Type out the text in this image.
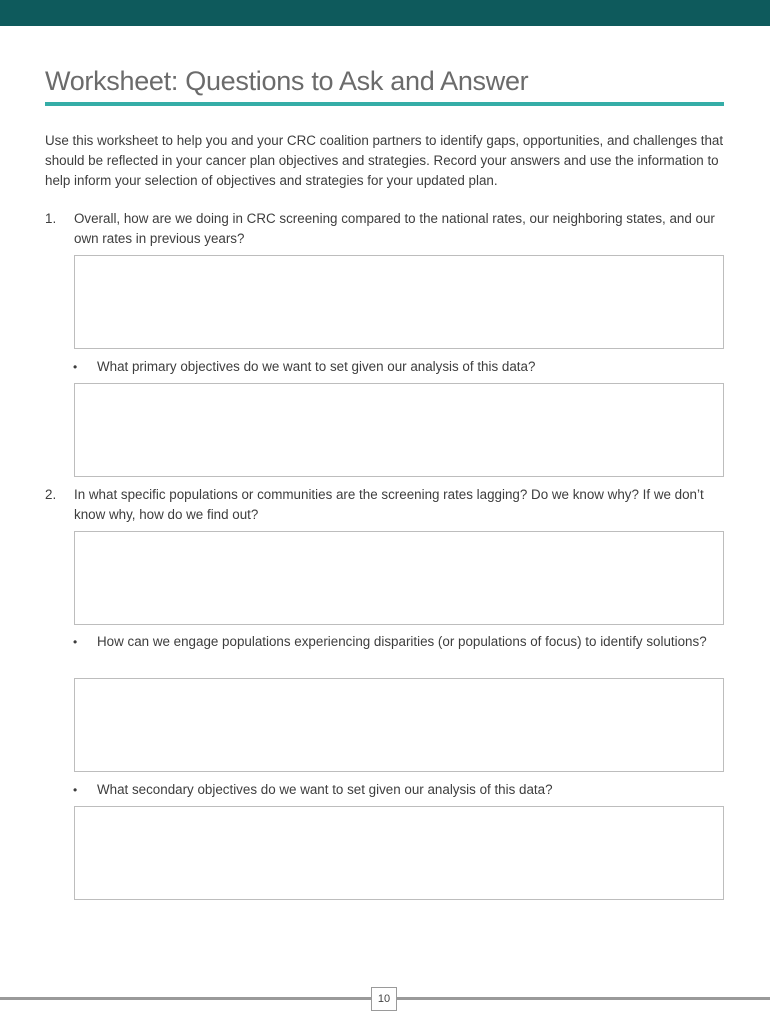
Worksheet: Questions to Ask and Answer

Use this worksheet to help you and your CRC coalition partners to identify gaps, opportunities, and challenges that should be reflected in your cancer plan objectives and strategies. Record your answers and use the information to help inform your selection of objectives and strategies for your updated plan.

1. Overall, how are we doing in CRC screening compared to the national rates, our neighboring states, and our own rates in previous years?

• What primary objectives do we want to set given our analysis of this data?

2. In what specific populations or communities are the screening rates lagging? Do we know why? If we don’t know why, how do we find out?

• How can we engage populations experiencing disparities (or populations of focus) to identify solutions?

• What secondary objectives do we want to set given our analysis of this data?

10
